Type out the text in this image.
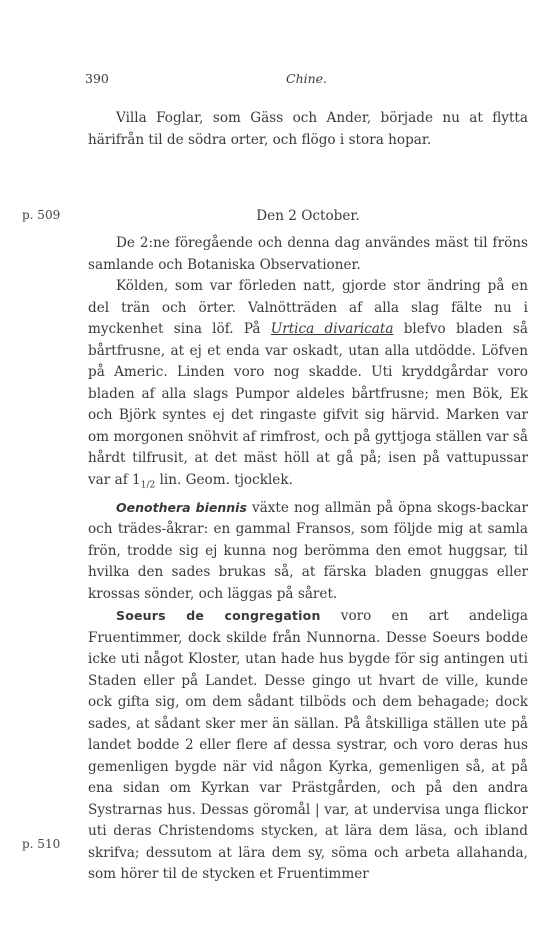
390	Chine.

Villa Foglar, som Gäss och Ander, började nu at flytta härifrån til de södra orter, och flögo i stora hopar.

p. 509	Den 2 October.

De 2:ne föregående och denna dag användes mäst til fröns samlande och Botaniska Observationer.

Kölden, som var förleden natt, gjorde stor ändring på en del trän och örter. Valnötträden af alla slag fälte nu i myckenhet sina löf. På Urtica divaricata blefvo bladen så bårtfrusne, at ej et enda var oskadt, utan alla utdödde. Löfven på Americ. Linden voro nog skadde. Uti kryddgårdar voro bladen af alla slags Pumpor aldeles bårtfrusne; men Bök, Ek och Björk syntes ej det ringaste gifvit sig härvid. Marken var om morgonen snöhvit af rimfrost, och på gyttjoga ställen var så hårdt tilfrusit, at det mäst höll at gå på; isen på vattupussar var af $1_{1/2}$ lin. Geom. tjocklek.

Oenothera biennis växte nog allmän på öpna skogs-backar och trädes-åkrar: en gammal Fransos, som följde mig at samla frön, trodde sig ej kunna nog berömma den emot huggsar, til hvilka den sades brukas så, at färska bladen gnuggas eller krossas sönder, och läggas på såret.

Soeurs de congregation voro en art andeliga Fruentimmer, dock skilde från Nunnorna. Desse Soeurs bodde icke uti något Kloster, utan hade hus bygde för sig antingen uti Staden eller på Landet. Desse gingo ut hvart de ville, kunde ock gifta sig, om dem sådant tilböds och dem behagade; dock sades, at sådant sker mer än sällan. På åtskilliga ställen ute på landet bodde 2 eller flere af dessa systrar, och voro deras hus gemenligen bygde när vid någon Kyrka, gemenligen så, at på ena sidan om Kyrkan var Prästgården, och på den andra Systrarnas hus. Dessas göromål | var, at undervisa unga flickor uti deras Christendoms stycken, at lära dem läsa, och ibland skrifva; dessutom at lära dem sy, söma och arbeta allahanda, som hörer til de stycken et Fruentimmer

p. 510
